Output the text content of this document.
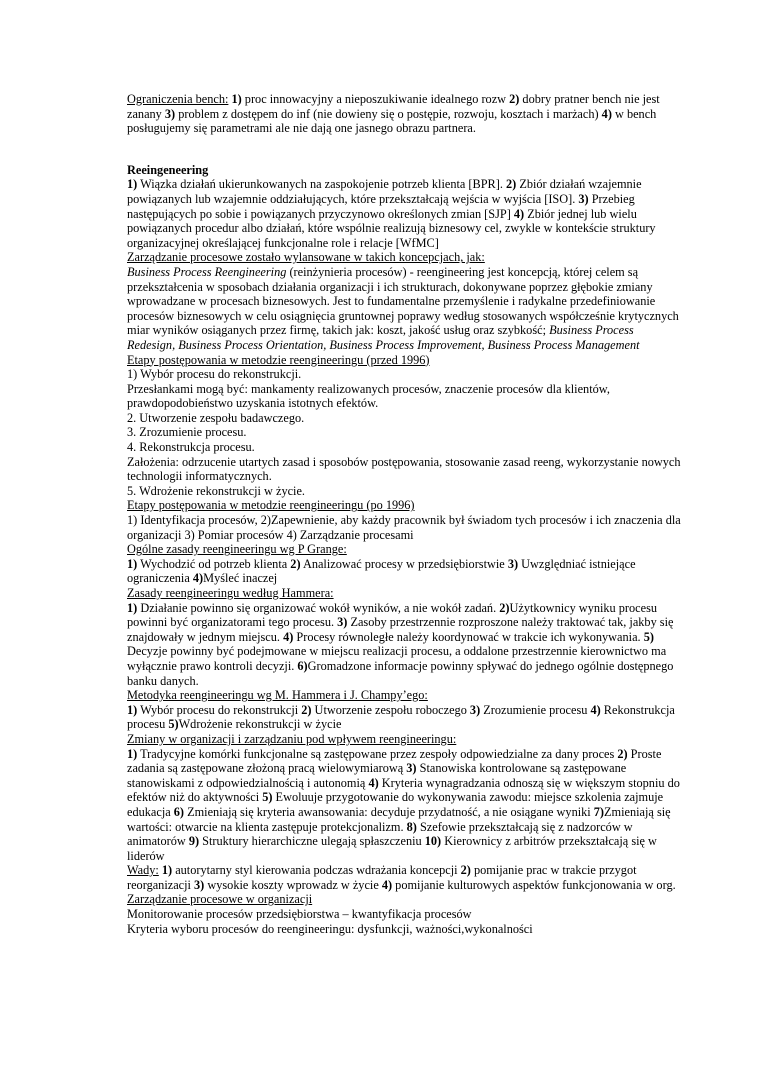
Ograniczenia bench: 1) proc innowacyjny a nieposzukiwanie idealnego rozw 2) dobry pratner bench nie jest zanany 3) problem z dostępem do inf (nie dowieny się o postępie, rozwoju, kosztach i marżach) 4) w bench posługujemy się parametrami ale nie dają one jasnego obrazu partnera.

Reeingeneering

1) Wiązka działań ukierunkowanych na zaspokojenie potrzeb klienta [BPR]. 2) Zbiór działań wzajemnie powiązanych lub wzajemnie oddziałujących, które przekształcają wejścia w wyjścia [ISO]. 3) Przebieg następujących po sobie i powiązanych przyczynowo określonych zmian [SJP] 4) Zbiór jednej lub wielu powiązanych procedur albo działań, które wspólnie realizują biznesowy cel, zwykle w kontekście struktury organizacyjnej określającej funkcjonalne role i relacje [WfMC]

Zarządzanie procesowe zostało wylansowane w takich koncepcjach, jak:

Business Process Reengineering (reinżynieria procesów) - reengineering jest koncepcją, której celem są przekształcenia w sposobach działania organizacji i ich strukturach, dokonywane poprzez głębokie zmiany wprowadzane w procesach biznesowych. Jest to fundamentalne przemyślenie i radykalne przedefiniowanie procesów biznesowych w celu osiągnięcia gruntownej poprawy według stosowanych współcześnie krytycznych miar wyników osiąganych przez firmę, takich jak: koszt, jakość usług oraz szybkość; Business Process Redesign, Business Process Orientation, Business Process Improvement, Business Process Management

Etapy postępowania w metodzie reengineeringu (przed 1996)

1) Wybór procesu do rekonstrukcji.

Przesłankami mogą być: mankamenty realizowanych procesów, znaczenie procesów dla klientów, prawdopodobieństwo uzyskania istotnych efektów.

2. Utworzenie zespołu badawczego.

3. Zrozumienie procesu.

4. Rekonstrukcja procesu.

Założenia: odrzucenie utartych zasad i sposobów postępowania, stosowanie zasad reeng, wykorzystanie nowych technologii informatycznych.

5. Wdrożenie rekonstrukcji w życie.

Etapy postępowania w metodzie reengineeringu (po 1996)

1) Identyfikacja procesów, 2)Zapewnienie, aby każdy pracownik był świadom tych procesów i ich znaczenia dla organizacji 3) Pomiar procesów 4) Zarządzanie procesami

Ogólne zasady reengineeringu wg P Grange:

1) Wychodzić od potrzeb klienta 2) Analizować procesy w przedsiębiorstwie 3) Uwzględniać istniejące ograniczenia 4)Myśleć inaczej

Zasady reengineeringu według Hammera:

1) Działanie powinno się organizować wokół wyników, a nie wokół zadań. 2)Użytkownicy wyniku procesu powinni być organizatorami tego procesu. 3) Zasoby przestrzennie rozproszone należy traktować tak, jakby się znajdowały w jednym miejscu. 4) Procesy równoległe należy koordynować w trakcie ich wykonywania. 5) Decyzje powinny być podejmowane w miejscu realizacji procesu, a oddalone przestrzennie kierownictwo ma wyłącznie prawo kontroli decyzji. 6)Gromadzone informacje powinny spływać do jednego ogólnie dostępnego banku danych.

Metodyka reengineeringu wg M. Hammera i J. Champy’ego:

1) Wybór procesu do rekonstrukcji 2) Utworzenie zespołu roboczego 3) Zrozumienie procesu 4) Rekonstrukcja procesu 5)Wdrożenie rekonstrukcji w życie

Zmiany w organizacji i zarządzaniu pod wpływem reengineeringu:

1) Tradycyjne komórki funkcjonalne są zastępowane przez zespoły odpowiedzialne za dany proces 2) Proste zadania są zastępowane złożoną pracą wielowymiarową 3) Stanowiska kontrolowane są zastępowane stanowiskami z odpowiedzialnością i autonomią 4) Kryteria wynagradzania odnoszą się w większym stopniu do efektów niż do aktywności 5) Ewoluuje przygotowanie do wykonywania zawodu: miejsce szkolenia zajmuje edukacja 6) Zmieniają się kryteria awansowania: decyduje przydatność, a nie osiągane wyniki 7)Zmieniają się wartości: otwarcie na klienta zastępuje protekcjonalizm. 8) Szefowie przekształcają się z nadzorców w animatorów 9) Struktury hierarchiczne ulegają spłaszczeniu 10) Kierownicy z arbitrów przekształcają się w liderów

Wady: 1) autorytarny styl kierowania podczas wdrażania koncepcji 2) pomijanie prac w trakcie przygot reorganizacji 3) wysokie koszty wprowadz w życie 4) pomijanie kulturowych aspektów funkcjonowania w org.

Zarządzanie procesowe w organizacji

Monitorowanie procesów przedsiębiorstwa – kwantyfikacja procesów

Kryteria wyboru procesów do reengineeringu: dysfunkcji, ważności,wykonalności
